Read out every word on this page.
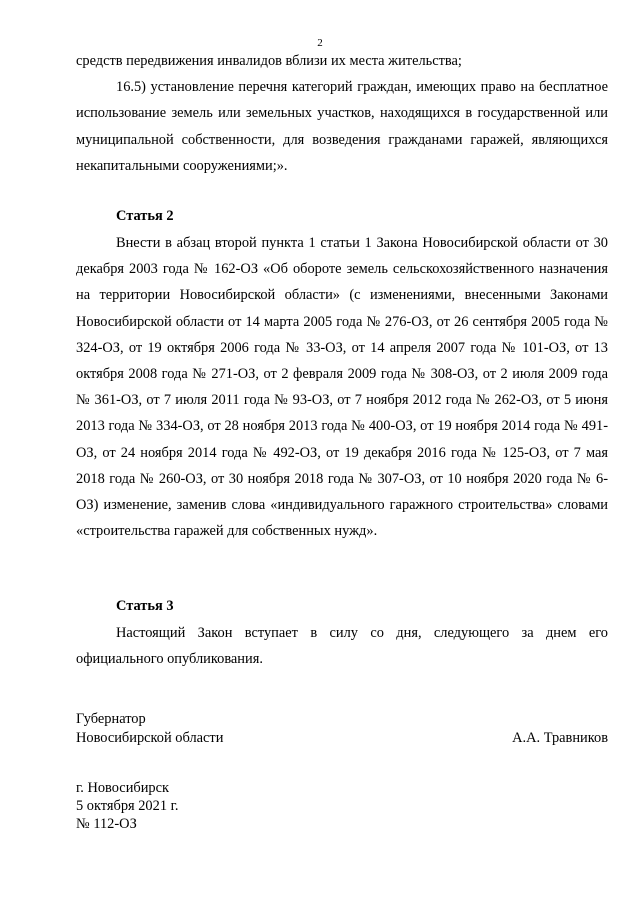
2

средств передвижения инвалидов вблизи их места жительства;

16.5) установление перечня категорий граждан, имеющих право на бесплатное использование земель или земельных участков, находящихся в государственной или муниципальной собственности, для возведения гражданами гаражей, являющихся некапитальными сооружениями;».

Статья 2

Внести в абзац второй пункта 1 статьи 1 Закона Новосибирской области от 30 декабря 2003 года № 162-ОЗ «Об обороте земель сельскохозяйственного назначения на территории Новосибирской области» (с изменениями, внесенными Законами Новосибирской области от 14 марта 2005 года № 276-ОЗ, от 26 сентября 2005 года № 324-ОЗ, от 19 октября 2006 года № 33-ОЗ, от 14 апреля 2007 года № 101-ОЗ, от 13 октября 2008 года № 271-ОЗ, от 2 февраля 2009 года № 308-ОЗ, от 2 июля 2009 года № 361-ОЗ, от 7 июля 2011 года № 93-ОЗ, от 7 ноября 2012 года № 262-ОЗ, от 5 июня 2013 года № 334-ОЗ, от 28 ноября 2013 года № 400-ОЗ, от 19 ноября 2014 года № 491-ОЗ, от 24 ноября 2014 года № 492-ОЗ, от 19 декабря 2016 года № 125-ОЗ, от 7 мая 2018 года № 260-ОЗ, от 30 ноября 2018 года № 307-ОЗ, от 10 ноября 2020 года № 6-ОЗ) изменение, заменив слова «индивидуального гаражного строительства» словами «строительства гаражей для собственных нужд».

Статья 3

Настоящий Закон вступает в силу со дня, следующего за днем его официального опубликования.

Губернатор
Новосибирской области	А.А. Травников
г. Новосибирск
5 октября 2021 г.
№ 112-ОЗ
